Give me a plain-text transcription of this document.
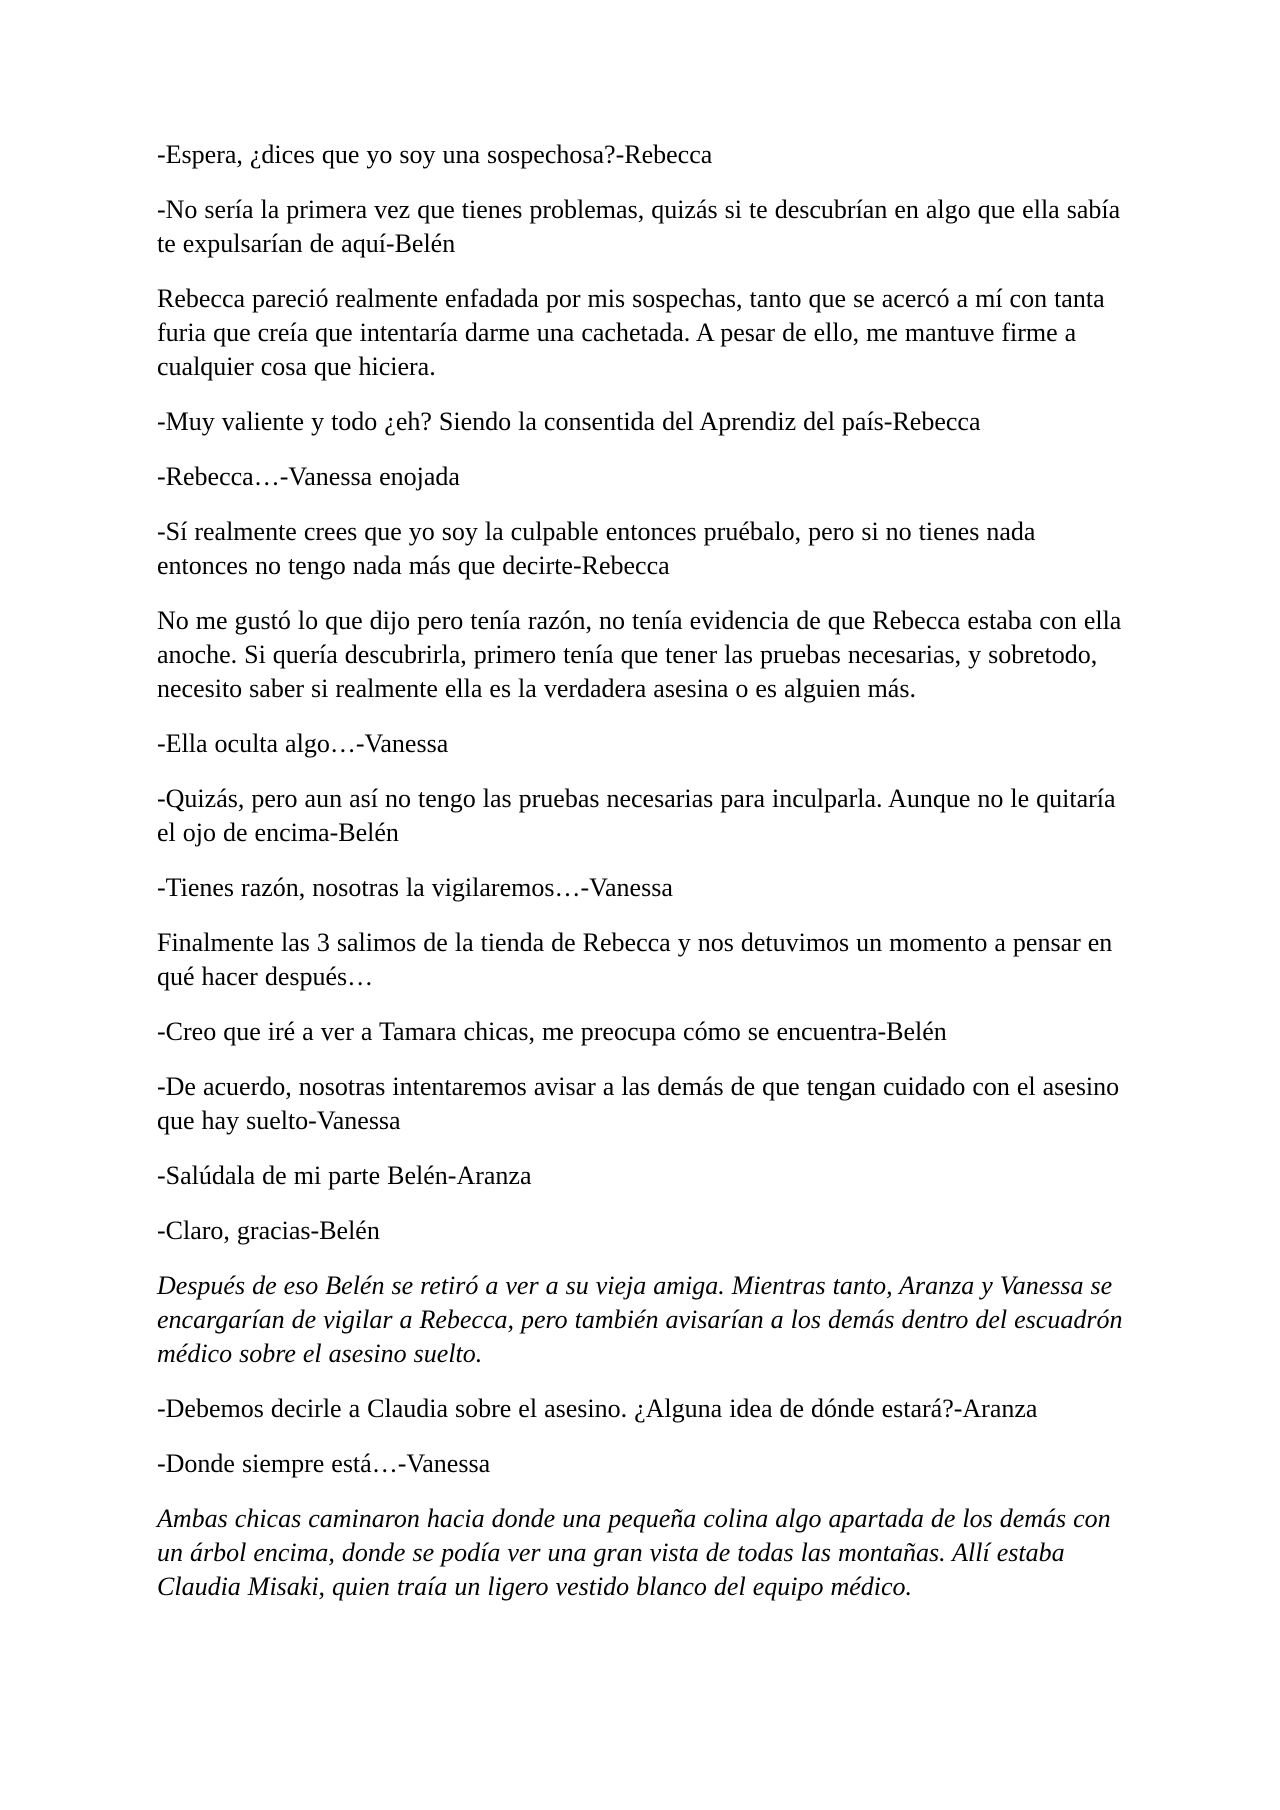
-Espera, ¿dices que yo soy una sospechosa?-Rebecca

-No sería la primera vez que tienes problemas, quizás si te descubrían en algo que ella sabía te expulsarían de aquí-Belén

Rebecca pareció realmente enfadada por mis sospechas, tanto que se acercó a mí con tanta furia que creía que intentaría darme una cachetada. A pesar de ello, me mantuve firme a cualquier cosa que hiciera.

-Muy valiente y todo ¿eh? Siendo la consentida del Aprendiz del país-Rebecca

-Rebecca…-Vanessa enojada

-Sí realmente crees que yo soy la culpable entonces pruébalo, pero si no tienes nada entonces no tengo nada más que decirte-Rebecca

No me gustó lo que dijo pero tenía razón, no tenía evidencia de que Rebecca estaba con ella anoche. Si quería descubrirla, primero tenía que tener las pruebas necesarias, y sobretodo, necesito saber si realmente ella es la verdadera asesina o es alguien más.

-Ella oculta algo…-Vanessa

-Quizás, pero aun así no tengo las pruebas necesarias para inculparla. Aunque no le quitaría el ojo de encima-Belén

-Tienes razón, nosotras la vigilaremos…-Vanessa

Finalmente las 3 salimos de la tienda de Rebecca y nos detuvimos un momento a pensar en qué hacer después…

-Creo que iré a ver a Tamara chicas, me preocupa cómo se encuentra-Belén

-De acuerdo, nosotras intentaremos avisar a las demás de que tengan cuidado con el asesino que hay suelto-Vanessa

-Salúdala de mi parte Belén-Aranza

-Claro, gracias-Belén

Después de eso Belén se retiró a ver a su vieja amiga. Mientras tanto, Aranza y Vanessa se encargarían de vigilar a Rebecca, pero también avisarían a los demás dentro del escuadrón médico sobre el asesino suelto.

-Debemos decirle a Claudia sobre el asesino. ¿Alguna idea de dónde estará?-Aranza

-Donde siempre está…-Vanessa

Ambas chicas caminaron hacia donde una pequeña colina algo apartada de los demás con un árbol encima, donde se podía ver una gran vista de todas las montañas. Allí estaba Claudia Misaki, quien traía un ligero vestido blanco del equipo médico.
